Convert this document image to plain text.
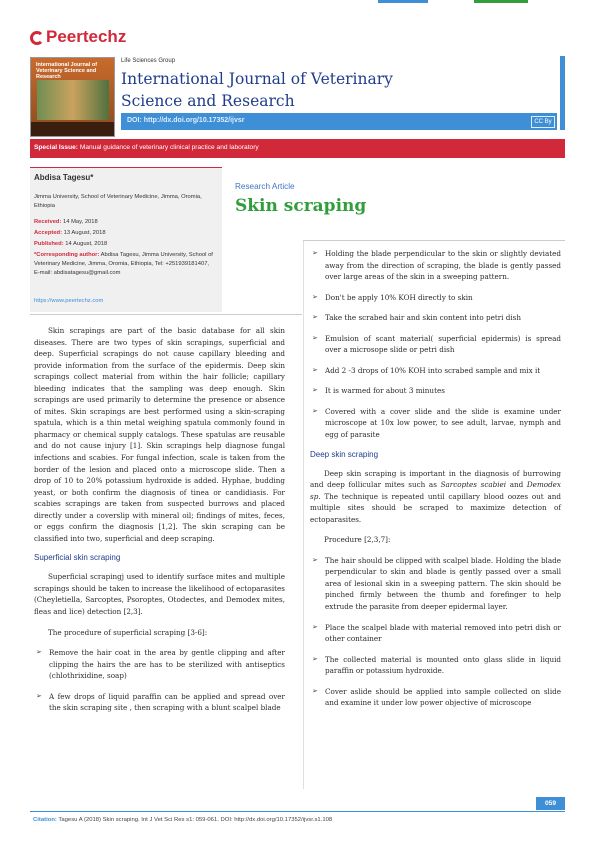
Peertechz
International Journal of Veterinary Science and Research
Life Sciences Group
International Journal of Veterinary Science and Research
DOI: http://dx.doi.org/10.17352/ijvsr	CC By
Special Issue: Manual guidance of veterinary clinical practice and laboratory
Abdisa Tagesu*
Jimma University, School of Veterinary Medicine, Jimma, Oromia, Ethiopia
Received: 14 May, 2018
Accepted: 13 August, 2018
Published: 14 August, 2018
*Corresponding author: Abdisa Tagesu, Jimma University, School of Veterinary Medicine, Jimma, Oromia, Ethiopia, Tel: +251939181407,
E-mail: abdisatagesu@gmail.com
https://www.peertechz.com
Research Article
Skin scraping

Skin scrapings are part of the basic database for all skin diseases. There are two types of skin scrapings, superficial and deep. Superficial scrapings do not cause capillary bleeding and provide information from the surface of the epidermis. Deep skin scrapings collect material from within the hair follicle; capillary bleeding indicates that the sampling was deep enough. Skin scrapings are used primarily to determine the presence or absence of mites. Skin scrapings are best performed using a skin-scraping spatula, which is a thin metal weighing spatula commonly found in pharmacy or chemical supply catalogs. These spatulas are reusable and do not cause injury [1]. Skin scrapings help diagnose fungal infections and scabies. For fungal infection, scale is taken from the border of the lesion and placed onto a microscope slide. Then a drop of 10 to 20% potassium hydroxide is added. Hyphae, budding yeast, or both confirm the diagnosis of tinea or candidiasis. For scabies scrapings are taken from suspected burrows and placed directly under a coverslip with mineral oil; findings of mites, feces, or eggs confirm the diagnosis [1,2]. The skin scraping can be classified into two, superficial and deep scraping.

Superficial skin scraping

Superficial scrapingj used to identify surface mites and multiple scrapings should be taken to increase the likelihood of ectoparasites (Cheyletiella, Sarcoptes, Psoroptes, Otodectes, and Demodex mites, fleas and lice) detection [2,3].

The procedure of superficial scraping [3-6]:

➢ Remove the hair coat in the area by gentle clipping and after clipping the hairs the are has to be sterilized with antiseptics (chlothrixidine, soap)
➢ A few drops of liquid paraffin can be applied and spread over the skin scraping site , then scraping with a blunt scalpel blade
➢ Holding the blade perpendicular to the skin or slightly deviated away from the direction of scraping, the blade is gently passed over large areas of the skin in a sweeping pattern.
➢ Don't be apply 10% KOH directly to skin
➢ Take the scrabed hair and skin content into petri dish
➢ Emulsion of scant material( superficial epidermis) is spread over a microsope slide or petri dish
➢ Add 2 -3 drops of 10% KOH into scrabed sample and mix it
➢ It is warmed for about 3 minutes
➢ Covered with a cover slide and the slide is examine under microscope at 10x low power, to see adult, larvae, nymph and egg of parasite
Deep skin scraping

Deep skin scraping is important in the diagnosis of burrowing and deep follicular mites such as Sarcoptes scabiei and Demodex sp. The technique is repeated until capillary blood oozes out and multiple sites should be scraped to maximize detection of ectoparasites.

Procedure [2,3,7]:

➢ The hair should be clipped with scalpel blade. Holding the blade perpendicular to skin and blade is gently passed over a small area of lesional skin in a sweeping pattern. The skin should be pinched firmly between the thumb and forefinger to help extrude the parasite from deeper epidermal layer.
➢ Place the scalpel blade with material removed into petri dish or other container
➢ The collected material is mounted onto glass slide in liquid paraffin or potassium hydroxide.
➢ Cover aslide should be applied into sample collected on slide and examine it under low power objective of microscope
059
Citation: Tagesu A (2018) Skin scraping. Int J Vet Sci Res s1: 059-061. DOI: http://dx.doi.org/10.17352/ijvsr.s1.108
